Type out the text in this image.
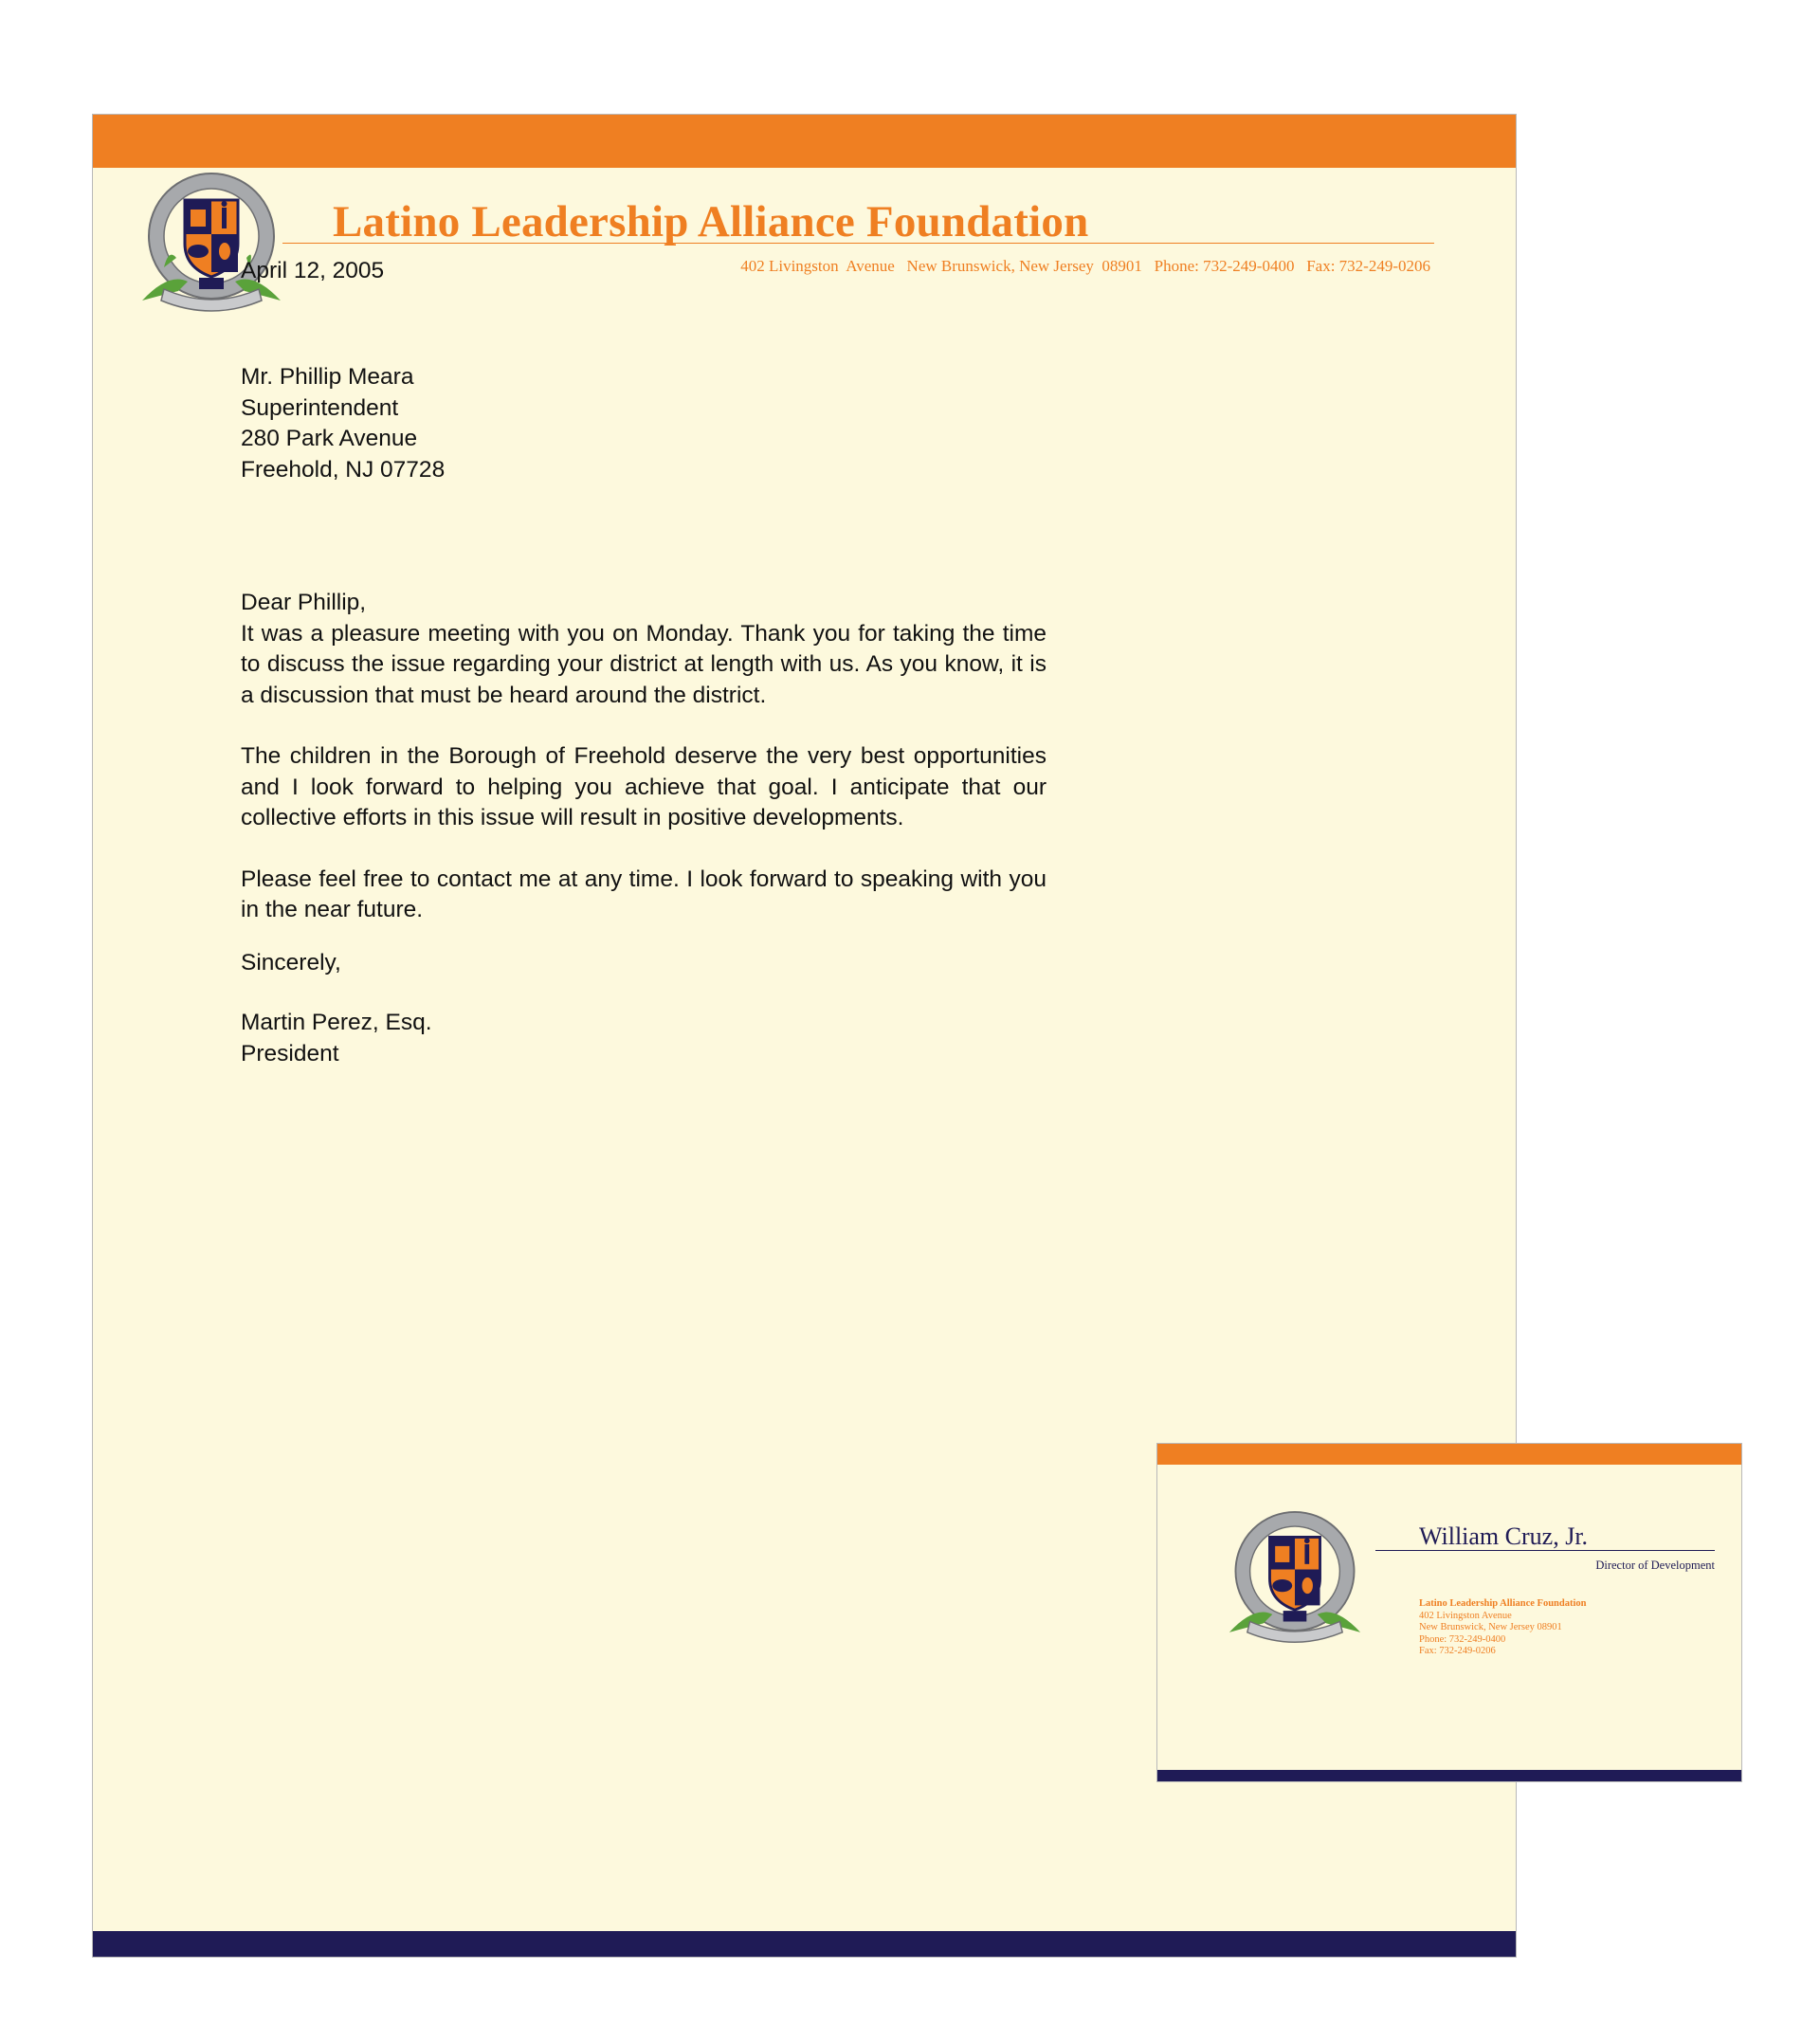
Latino Leadership Alliance Foundation
402 Livingston  Avenue   New Brunswick, New Jersey  08901   Phone: 732-249-0400   Fax: 732-249-0206

April 12, 2005

Mr. Phillip Meara

Superintendent

280 Park Avenue

Freehold, NJ 07728

Dear Phillip,

It was a pleasure meeting with you on Monday. Thank you for taking the time to discuss the issue regarding your district at length with us. As you know, it is a discussion that must be heard around the district.

The children in the Borough of Freehold deserve the very best opportunities and I look forward to helping you achieve that goal. I anticipate that our collective efforts in this issue will result in positive developments.

Please feel free to contact me at any time. I look forward to speaking with you in the near future.

Sincerely,

Martin Perez, Esq.

President

William Cruz, Jr.
Director of Development
Latino Leadership Alliance Foundation
402 Livingston Avenue
New Brunswick, New Jersey 08901
Phone: 732-249-0400
Fax: 732-249-0206
